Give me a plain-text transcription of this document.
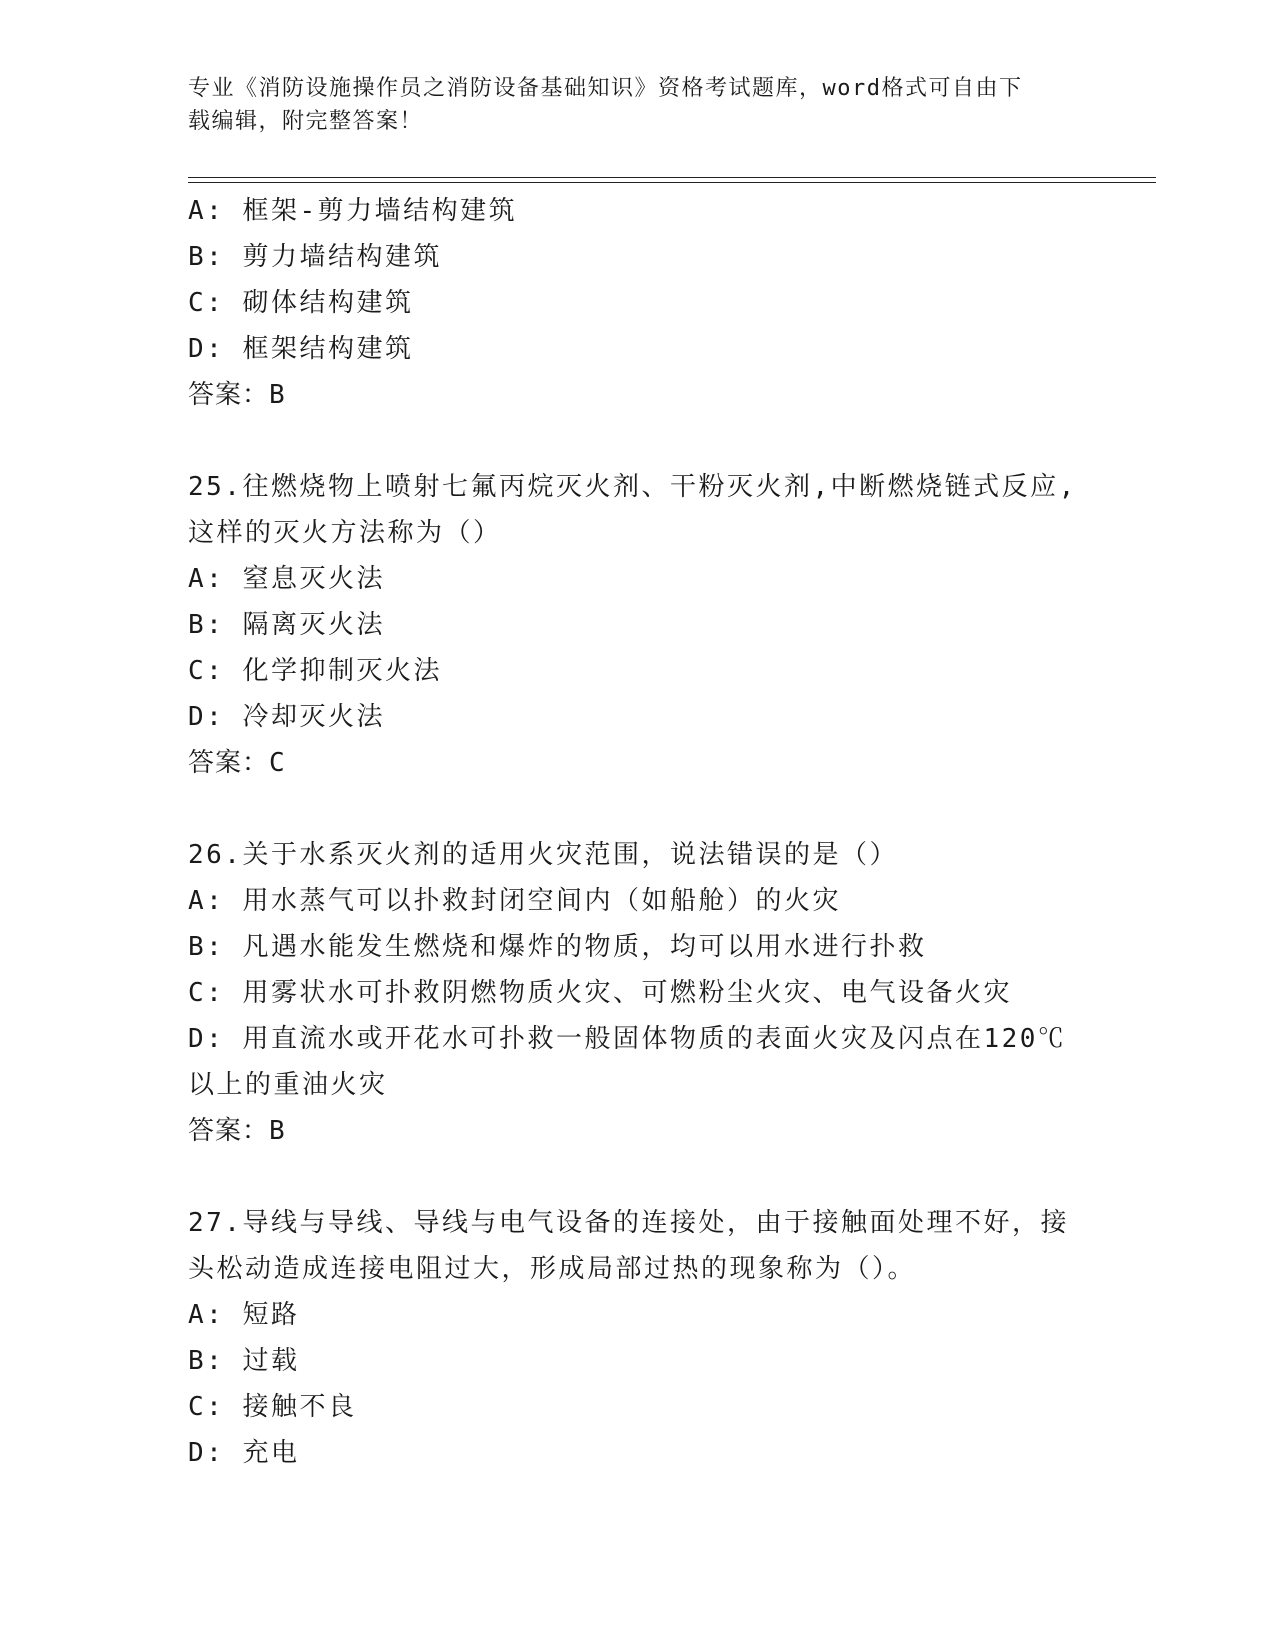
专业《消防设施操作员之消防设备基础知识》资格考试题库，word格式可自由下
载编辑，附完整答案！
A: 框架-剪力墙结构建筑
B: 剪力墙结构建筑
C: 砌体结构建筑
D: 框架结构建筑
答案：B
25.往燃烧物上喷射七氟丙烷灭火剂、干粉灭火剂,中断燃烧链式反应,
这样的灭火方法称为（）
A: 窒息灭火法
B: 隔离灭火法
C: 化学抑制灭火法
D: 冷却灭火法
答案：C
26.关于水系灭火剂的适用火灾范围，说法错误的是（）
A: 用水蒸气可以扑救封闭空间内（如船舱）的火灾
B: 凡遇水能发生燃烧和爆炸的物质，均可以用水进行扑救
C: 用雾状水可扑救阴燃物质火灾、可燃粉尘火灾、电气设备火灾
D: 用直流水或开花水可扑救一般固体物质的表面火灾及闪点在120℃
以上的重油火灾
答案：B
27.导线与导线、导线与电气设备的连接处，由于接触面处理不好，接
头松动造成连接电阻过大，形成局部过热的现象称为（）。
A: 短路
B: 过载
C: 接触不良
D: 充电
